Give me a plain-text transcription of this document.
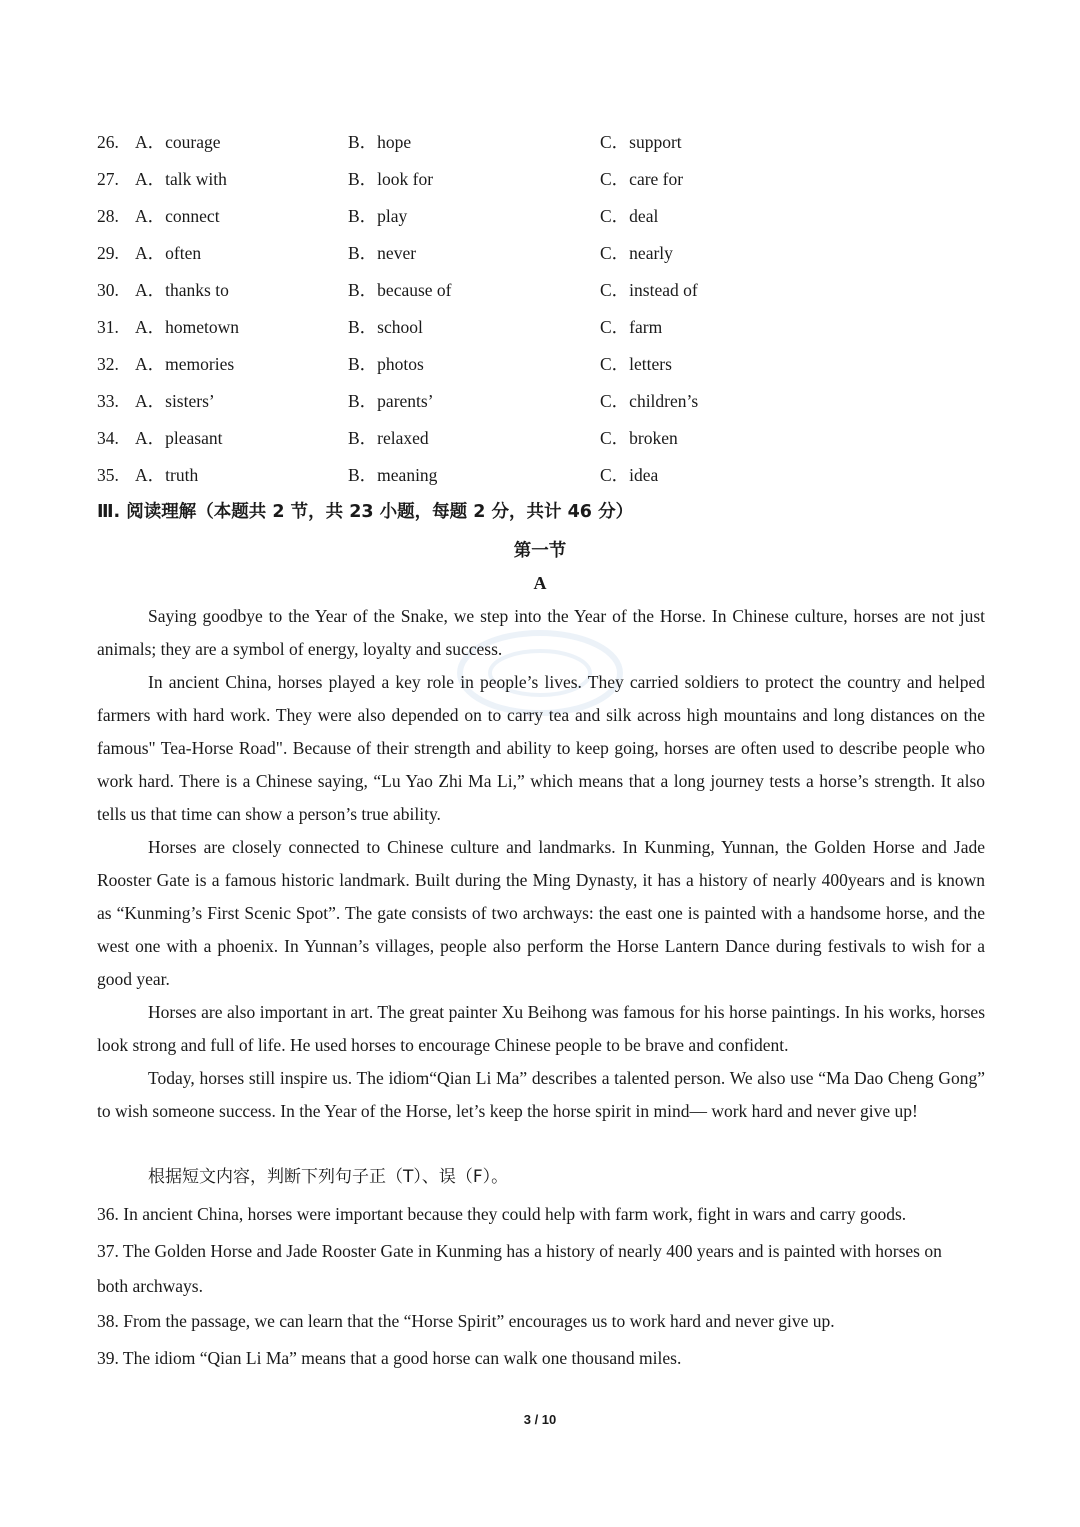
26. A．courage	B．hope	C．support
27. A．talk with	B．look for	C．care for
28. A．connect	B．play	C．deal
29. A．often	B．never	C．nearly
30. A．thanks to	B．because of	C．instead of
31. A．hometown	B．school	C．farm
32. A．memories	B．photos	C．letters
33. A．sisters’	B．parents’	C．children’s
34. A．pleasant	B．relaxed	C．broken
35. A．truth	B．meaning	C．idea
Ⅲ. 阅读理解（本题共 2 节，共 23 小题，每题 2 分，共计 46 分）
第一节
A

Saying goodbye to the Year of the Snake, we step into the Year of the Horse. In Chinese culture, horses are not just animals; they are a symbol of energy, loyalty and success.

In ancient China, horses played a key role in people’s lives. They carried soldiers to protect the country and helped farmers with hard work. They were also depended on to carry tea and silk across high mountains and long distances on the famous" Tea-Horse Road". Because of their strength and ability to keep going, horses are often used to describe people who work hard. There is a Chinese saying, “Lu Yao Zhi Ma Li,” which means that a long journey tests a horse’s strength. It also tells us that time can show a person’s true ability.

Horses are closely connected to Chinese culture and landmarks. In Kunming, Yunnan, the Golden Horse and Jade Rooster Gate is a famous historic landmark. Built during the Ming Dynasty, it has a history of nearly 400years and is known as “Kunming’s First Scenic Spot”. The gate consists of two archways: the east one is painted with a handsome horse, and the west one with a phoenix. In Yunnan’s villages, people also perform the Horse Lantern Dance during festivals to wish for a good year.

Horses are also important in art. The great painter Xu Beihong was famous for his horse paintings. In his works, horses look strong and full of life. He used horses to encourage Chinese people to be brave and confident.

Today, horses still inspire us. The idiom“Qian Li Ma” describes a talented person. We also use “Ma Dao Cheng Gong” to wish someone success. In the Year of the Horse, let’s keep the horse spirit in mind— work hard and never give up!

根据短文内容，判断下列句子正（T）、误（F）。
36. In ancient China, horses were important because they could help with farm work, fight in wars and carry goods.
37. The Golden Horse and Jade Rooster Gate in Kunming has a history of nearly 400 years and is painted with horses on both archways.
38. From the passage, we can learn that the “Horse Spirit” encourages us to work hard and never give up.
39. The idiom “Qian Li Ma” means that a good horse can walk one thousand miles.
3 / 10
